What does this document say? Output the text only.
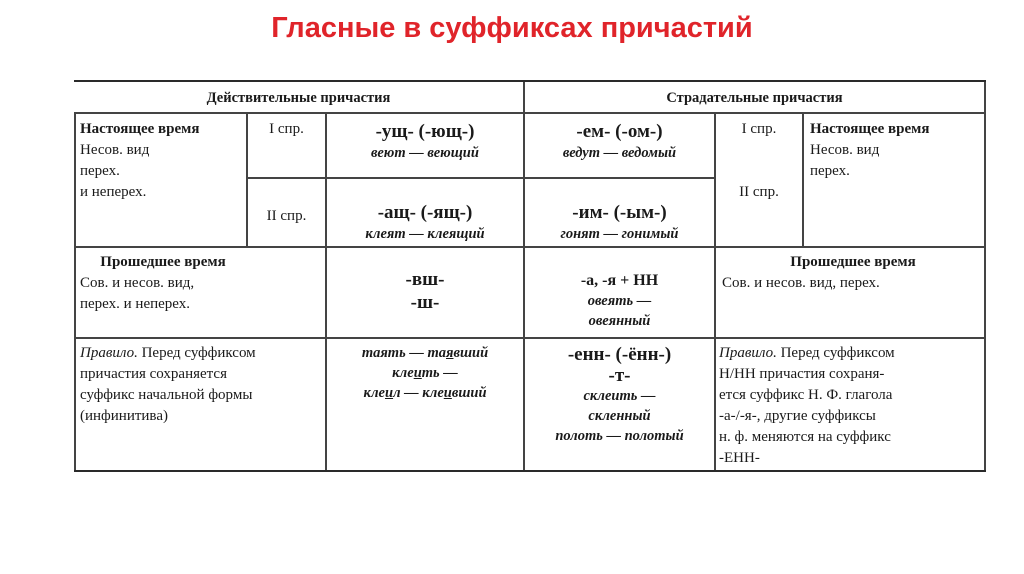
Гласные в суффиксах причастий
Действительные причастия	Страдательные причастия
Настоящее время
Несов. вид
перех.
и неперех.
I спр.
II спр.
-ущ- (-ющ-)
веют — веющий
-ащ- (-ящ-)
клеят — клеящий
-ем- (-ом-)
ведут — ведомый
-им- (-ым-)
гонят — гонимый
I спр.
II спр.
Настоящее время
Несов. вид
перех.
Прошедшее время
Сов. и несов. вид,
перех. и неперех.
-вш-
-ш-
-а, -я + НН
овеять —
овеянный
Прошедшее время
Сов. и несов. вид, перех.
Правило. Перед суффиксом
причастия сохраняется
суффикс начальной формы
(инфинитива)
таять — таявший
клеить —
клеил — клеивший
-енн- (-ённ-)
-т-
склеить —
скленный
полоть — полотый
Правило. Перед суффиксом
Н/НН причастия сохраня-
ется суффикс Н. Ф. глагола
-а-/-я-, другие суффиксы
н. ф. меняются на суффикс
-ЕНН-
